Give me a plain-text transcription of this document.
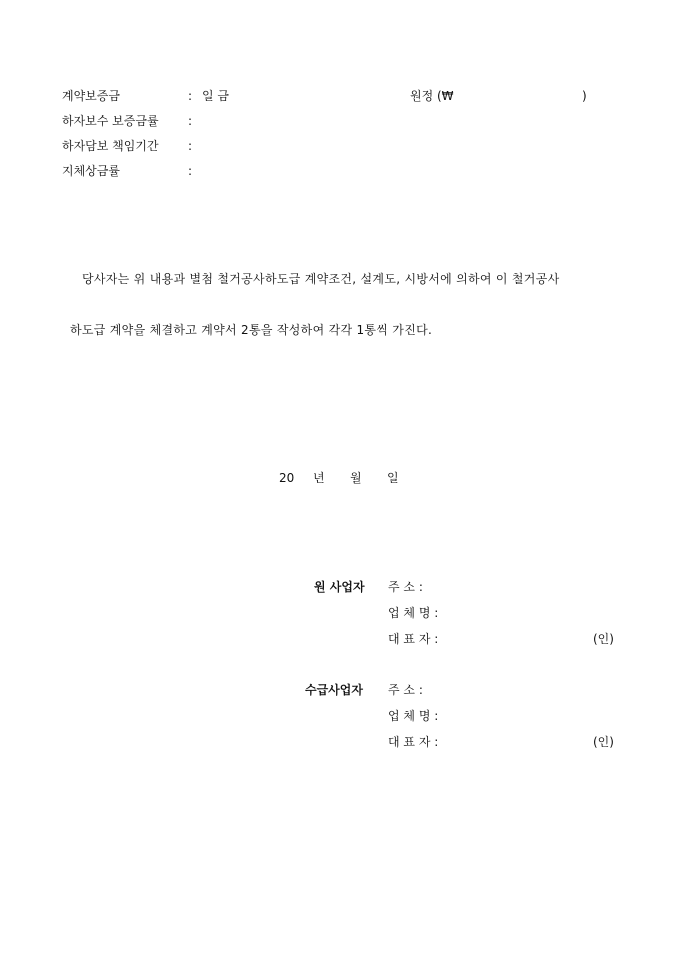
계약보증금	: 일 금	원정 (₩	)
하자보수 보증금률 :
하자담보 책임기간 :
지체상금률	:
당사자는 위 내용과 별첨 철거공사하도급 계약조건, 설계도, 시방서에 의하여 이 철거공사
하도급 계약을 체결하고 계약서 2통을 작성하여 각각 1통씩 가진다.
20 년 월 일
원 사업자 주 소 :
업 체 명 :
대 표 자 :	(인)
수급사업자 주 소 :
업 체 명 :
대 표 자 :	(인)
